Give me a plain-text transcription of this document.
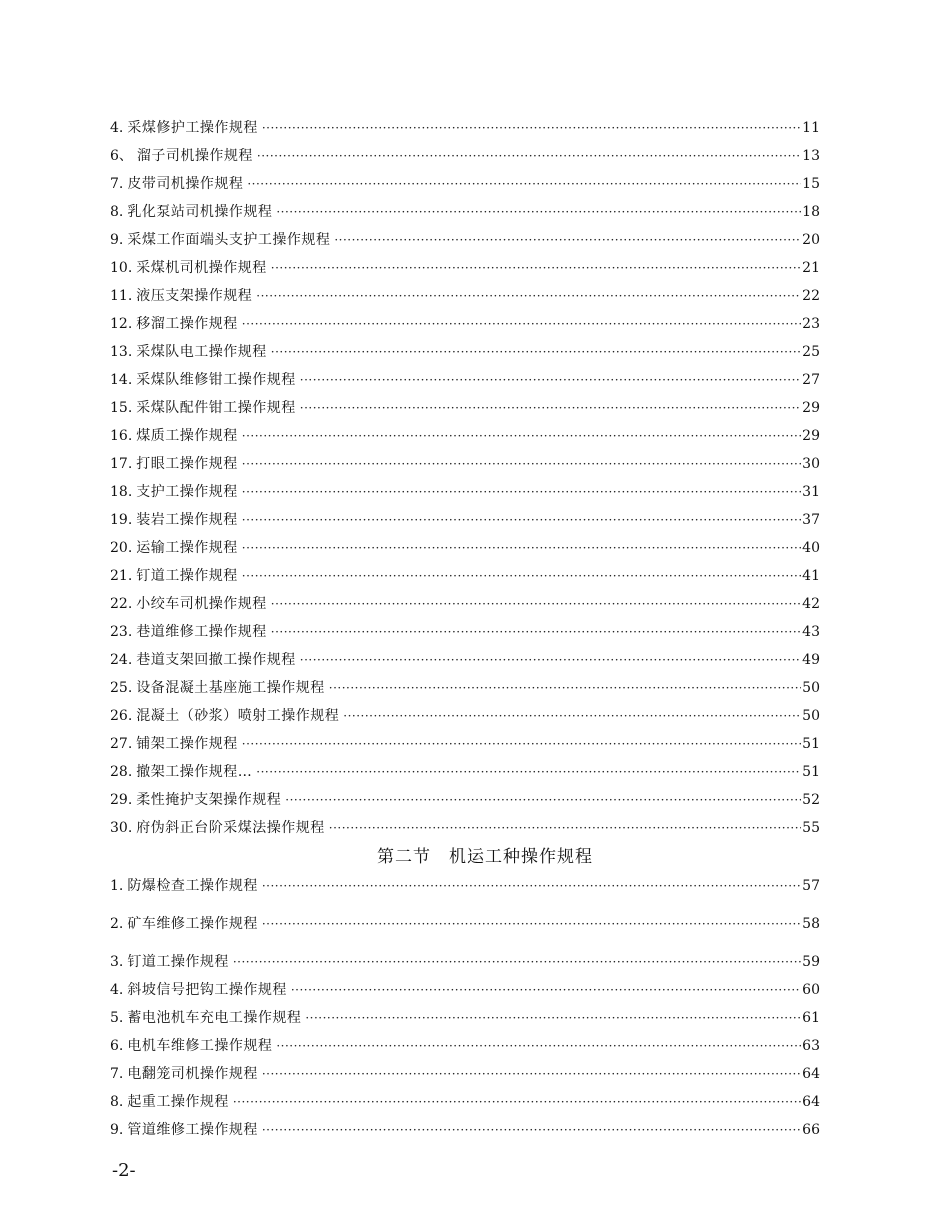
4. 采煤修护工操作规程 ·····	11
6、 溜子司机操作规程 ·····	13
7. 皮带司机操作规程 ·····	15
8. 乳化泵站司机操作规程 ·····	18
9. 采煤工作面端头支护工操作规程 ·····	20
10. 采煤机司机操作规程 ·····	21
11. 液压支架操作规程 ·····	22
12. 移溜工操作规程 ·····	23
13. 采煤队电工操作规程 ·····	25
14. 采煤队维修钳工操作规程 ·····	27
15. 采煤队配件钳工操作规程 ·····	29
16. 煤质工操作规程 ·····	29
17. 打眼工操作规程 ·····	30
18. 支护工操作规程 ·····	31
19. 装岩工操作规程 ·····	37
20. 运输工操作规程 ·····	40
21. 钉道工操作规程 ·····	41
22. 小绞车司机操作规程 ·····	42
23. 巷道维修工操作规程 ·····	43
24. 巷道支架回撤工操作规程 ·····	49
25. 设备混凝土基座施工操作规程 ·····	50
26. 混凝土（砂浆）喷射工操作规程 ·····	50
27. 铺架工操作规程 ·····	51
28. 撤架工操作规程… ·····	51
29. 柔性掩护支架操作规程 ·····	52
30. 府伪斜正台阶采煤法操作规程 ·····	55
第二节　机运工种操作规程
1. 防爆检查工操作规程 ·····	57
2. 矿车维修工操作规程 ·····	58
3. 钉道工操作规程 ·····	59
4. 斜坡信号把钩工操作规程 ·····	60
5. 蓄电池机车充电工操作规程 ·····	61
6. 电机车维修工操作规程 ·····	63
7. 电翻笼司机操作规程 ·····	64
8. 起重工操作规程 ·····	64
9. 管道维修工操作规程 ·····	66
-2-
